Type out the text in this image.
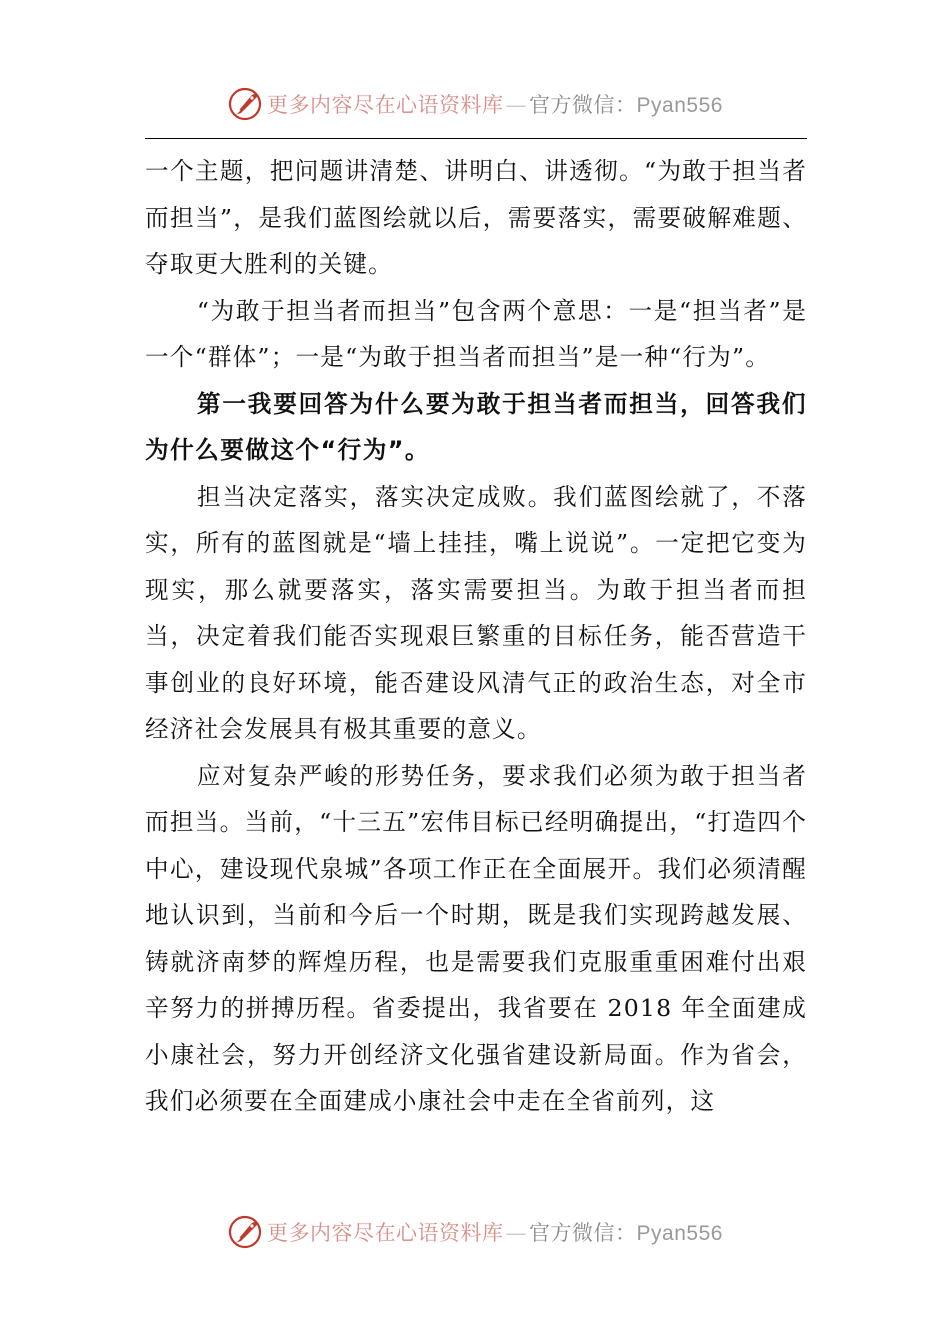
更多内容尽在心语资料库—官方微信：Pyan556

一个主题，把问题讲清楚、讲明白、讲透彻。“为敢于担当者而担当”，是我们蓝图绘就以后，需要落实，需要破解难题、夺取更大胜利的关键。

“为敢于担当者而担当”包含两个意思：一是“担当者”是一个“群体”；一是“为敢于担当者而担当”是一种“行为”。

第一我要回答为什么要为敢于担当者而担当，回答我们为什么要做这个“行为”。

担当决定落实，落实决定成败。我们蓝图绘就了，不落实，所有的蓝图就是“墙上挂挂，嘴上说说”。一定把它变为现实，那么就要落实，落实需要担当。为敢于担当者而担当，决定着我们能否实现艰巨繁重的目标任务，能否营造干事创业的良好环境，能否建设风清气正的政治生态，对全市经济社会发展具有极其重要的意义。

应对复杂严峻的形势任务，要求我们必须为敢于担当者而担当。当前，“十三五”宏伟目标已经明确提出，“打造四个中心，建设现代泉城”各项工作正在全面展开。我们必须清醒地认识到，当前和今后一个时期，既是我们实现跨越发展、铸就济南梦的辉煌历程，也是需要我们克服重重困难付出艰辛努力的拼搏历程。省委提出，我省要在 2018 年全面建成小康社会，努力开创经济文化强省建设新局面。作为省会，我们必须要在全面建成小康社会中走在全省前列，这

更多内容尽在心语资料库—官方微信：Pyan556
